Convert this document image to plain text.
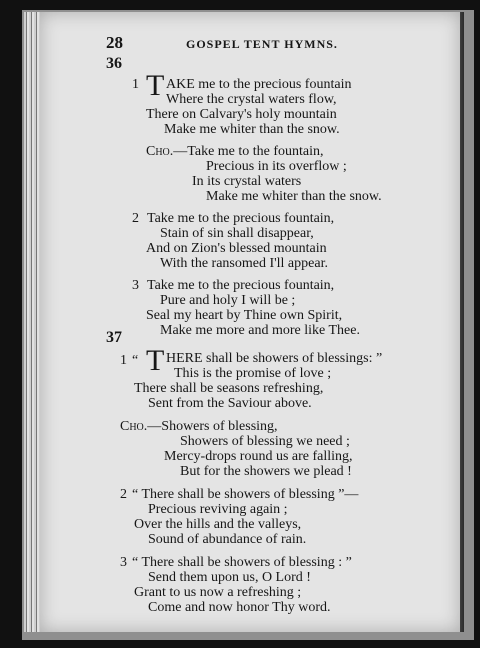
28	GOSPEL TENT HYMNS.

36

1 T AKE me to the precious fountain
Where the crystal waters flow,
There on Calvary's holy mountain
Make me whiter than the snow.
Cho.—Take me to the fountain,
Precious in its overflow ;
In its crystal waters
Make me whiter than the snow.
2 Take me to the precious fountain,
Stain of sin shall disappear,
And on Zion's blessed mountain
With the ransomed I'll appear.
3 Take me to the precious fountain,
Pure and holy I will be ;
Seal my heart by Thine own Spirit,
Make me more and more like Thee.

37

1 “ T HERE shall be showers of blessings: ”
This is the promise of love ;
There shall be seasons refreshing,
Sent from the Saviour above.
Cho.—Showers of blessing,
Showers of blessing we need ;
Mercy-drops round us are falling,
But for the showers we plead !
2 “ There shall be showers of blessing ”—
Precious reviving again ;
Over the hills and the valleys,
Sound of abundance of rain.
3 “ There shall be showers of blessing : ”
Send them upon us, O Lord !
Grant to us now a refreshing ;
Come and now honor Thy word.
